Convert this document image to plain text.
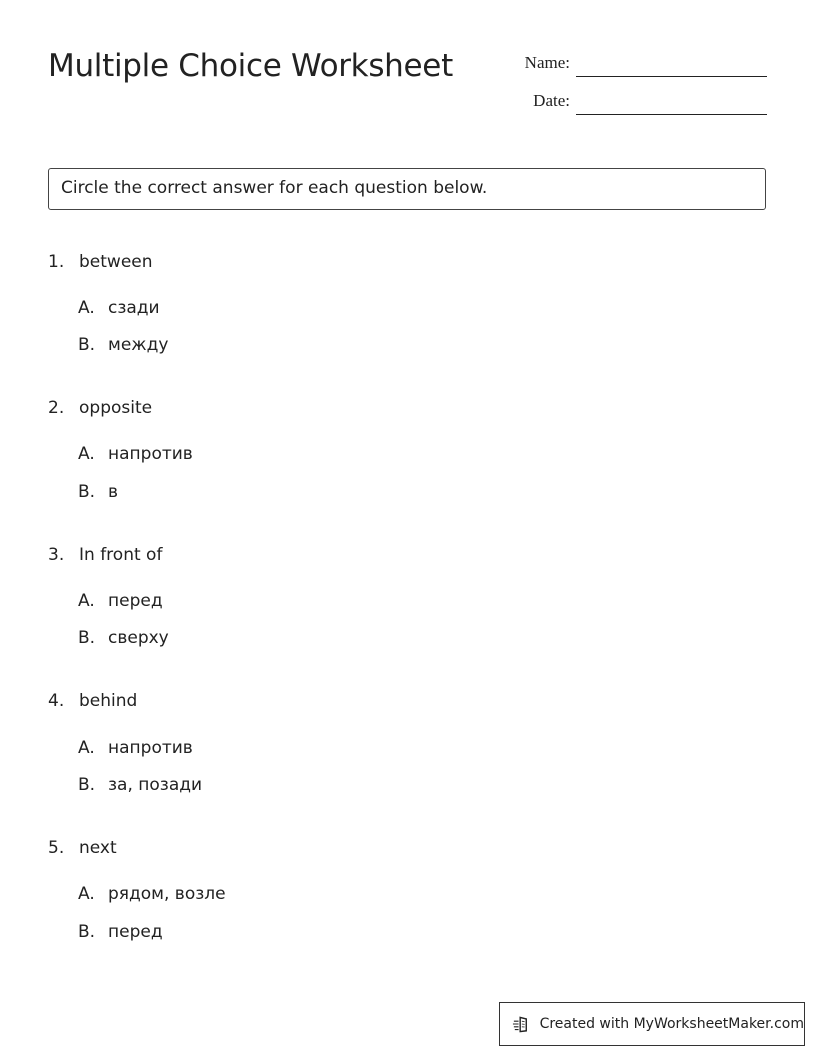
Multiple Choice Worksheet	Name:
Date:
Circle the correct answer for each question below.
1. between
A. сзади
B. между
2. opposite
A. напротив
B. в
3. In front of
A. перед
B. сверху
4. behind
A. напротив
B. за, позади
5. next
A. рядом, возле
B. перед
Created with MyWorksheetMaker.com
